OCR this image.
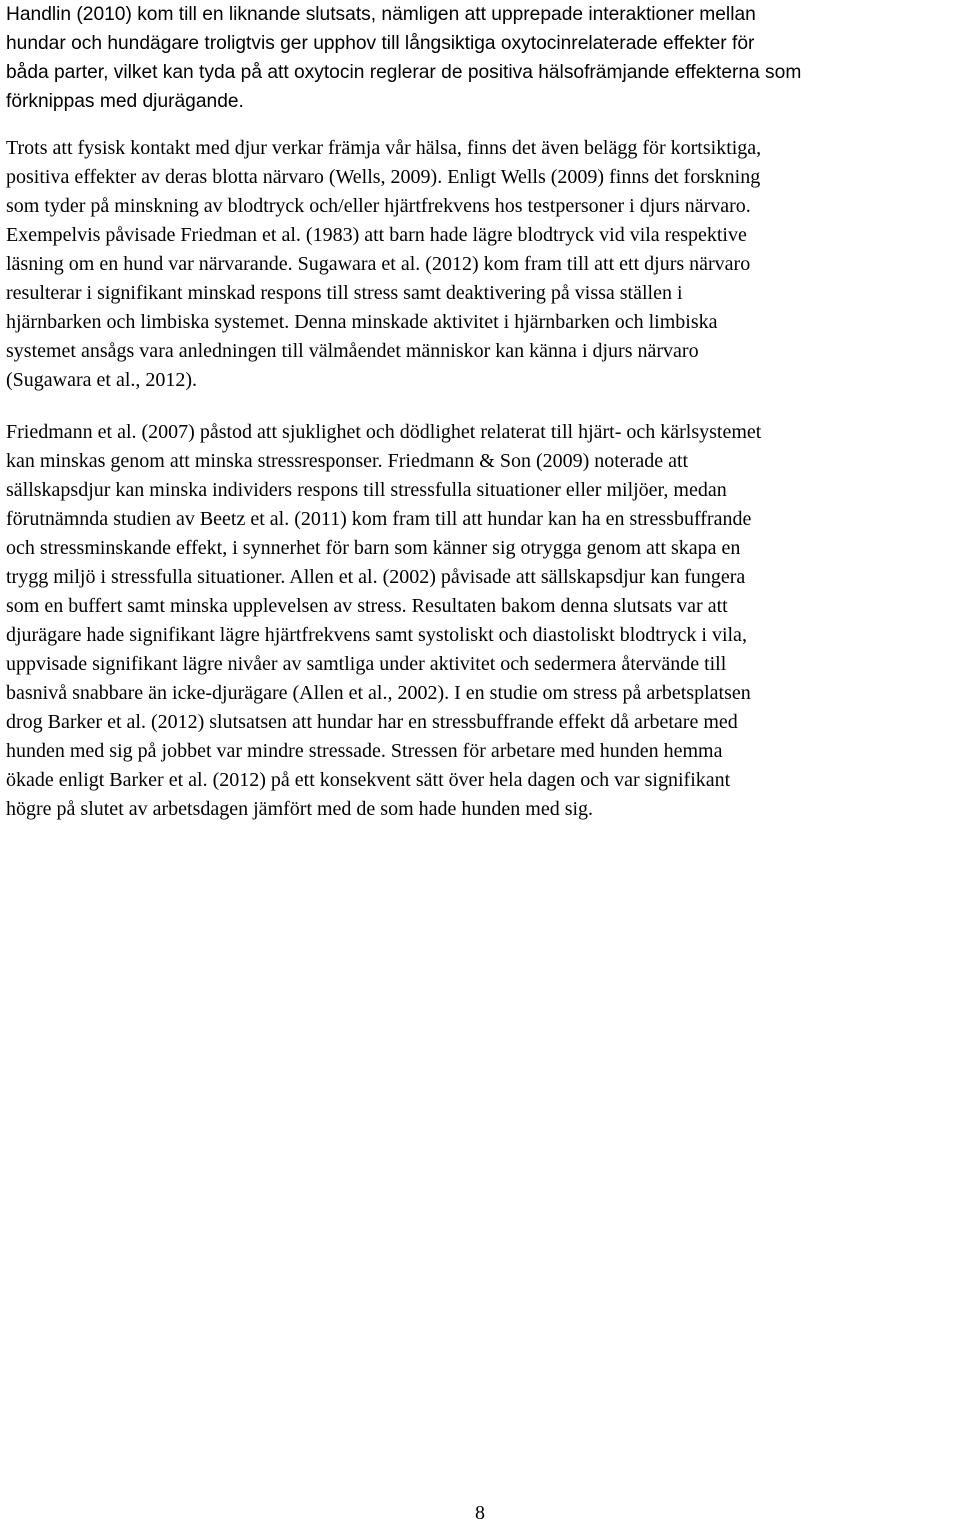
Handlin (2010) kom till en liknande slutsats, nämligen att upprepade interaktioner mellan
hundar och hundägare troligtvis ger upphov till långsiktiga oxytocinrelaterade effekter för
båda parter, vilket kan tyda på att oxytocin reglerar de positiva hälsofrämjande effekterna som
förknippas med djurägande.
Trots att fysisk kontakt med djur verkar främja vår hälsa, finns det även belägg för kortsiktiga,
positiva effekter av deras blotta närvaro (Wells, 2009). Enligt Wells (2009) finns det forskning
som tyder på minskning av blodtryck och/eller hjärtfrekvens hos testpersoner i djurs närvaro.
Exempelvis påvisade Friedman et al. (1983) att barn hade lägre blodtryck vid vila respektive
läsning om en hund var närvarande. Sugawara et al. (2012) kom fram till att ett djurs närvaro
resulterar i signifikant minskad respons till stress samt deaktivering på vissa ställen i
hjärnbarken och limbiska systemet. Denna minskade aktivitet i hjärnbarken och limbiska
systemet ansågs vara anledningen till välmåendet människor kan känna i djurs närvaro
(Sugawara et al., 2012).
Friedmann et al. (2007) påstod att sjuklighet och dödlighet relaterat till hjärt- och kärlsystemet
kan minskas genom att minska stressresponser. Friedmann & Son (2009) noterade att
sällskapsdjur kan minska individers respons till stressfulla situationer eller miljöer, medan
förutnämnda studien av Beetz et al. (2011) kom fram till att hundar kan ha en stressbuffrande
och stressminskande effekt, i synnerhet för barn som känner sig otrygga genom att skapa en
trygg miljö i stressfulla situationer. Allen et al. (2002) påvisade att sällskapsdjur kan fungera
som en buffert samt minska upplevelsen av stress. Resultaten bakom denna slutsats var att
djurägare hade signifikant lägre hjärtfrekvens samt systoliskt och diastoliskt blodtryck i vila,
uppvisade signifikant lägre nivåer av samtliga under aktivitet och sedermera återvände till
basnivå snabbare än icke-djurägare (Allen et al., 2002). I en studie om stress på arbetsplatsen
drog Barker et al. (2012) slutsatsen att hundar har en stressbuffrande effekt då arbetare med
hunden med sig på jobbet var mindre stressade. Stressen för arbetare med hunden hemma
ökade enligt Barker et al. (2012) på ett konsekvent sätt över hela dagen och var signifikant
högre på slutet av arbetsdagen jämfört med de som hade hunden med sig.
8
